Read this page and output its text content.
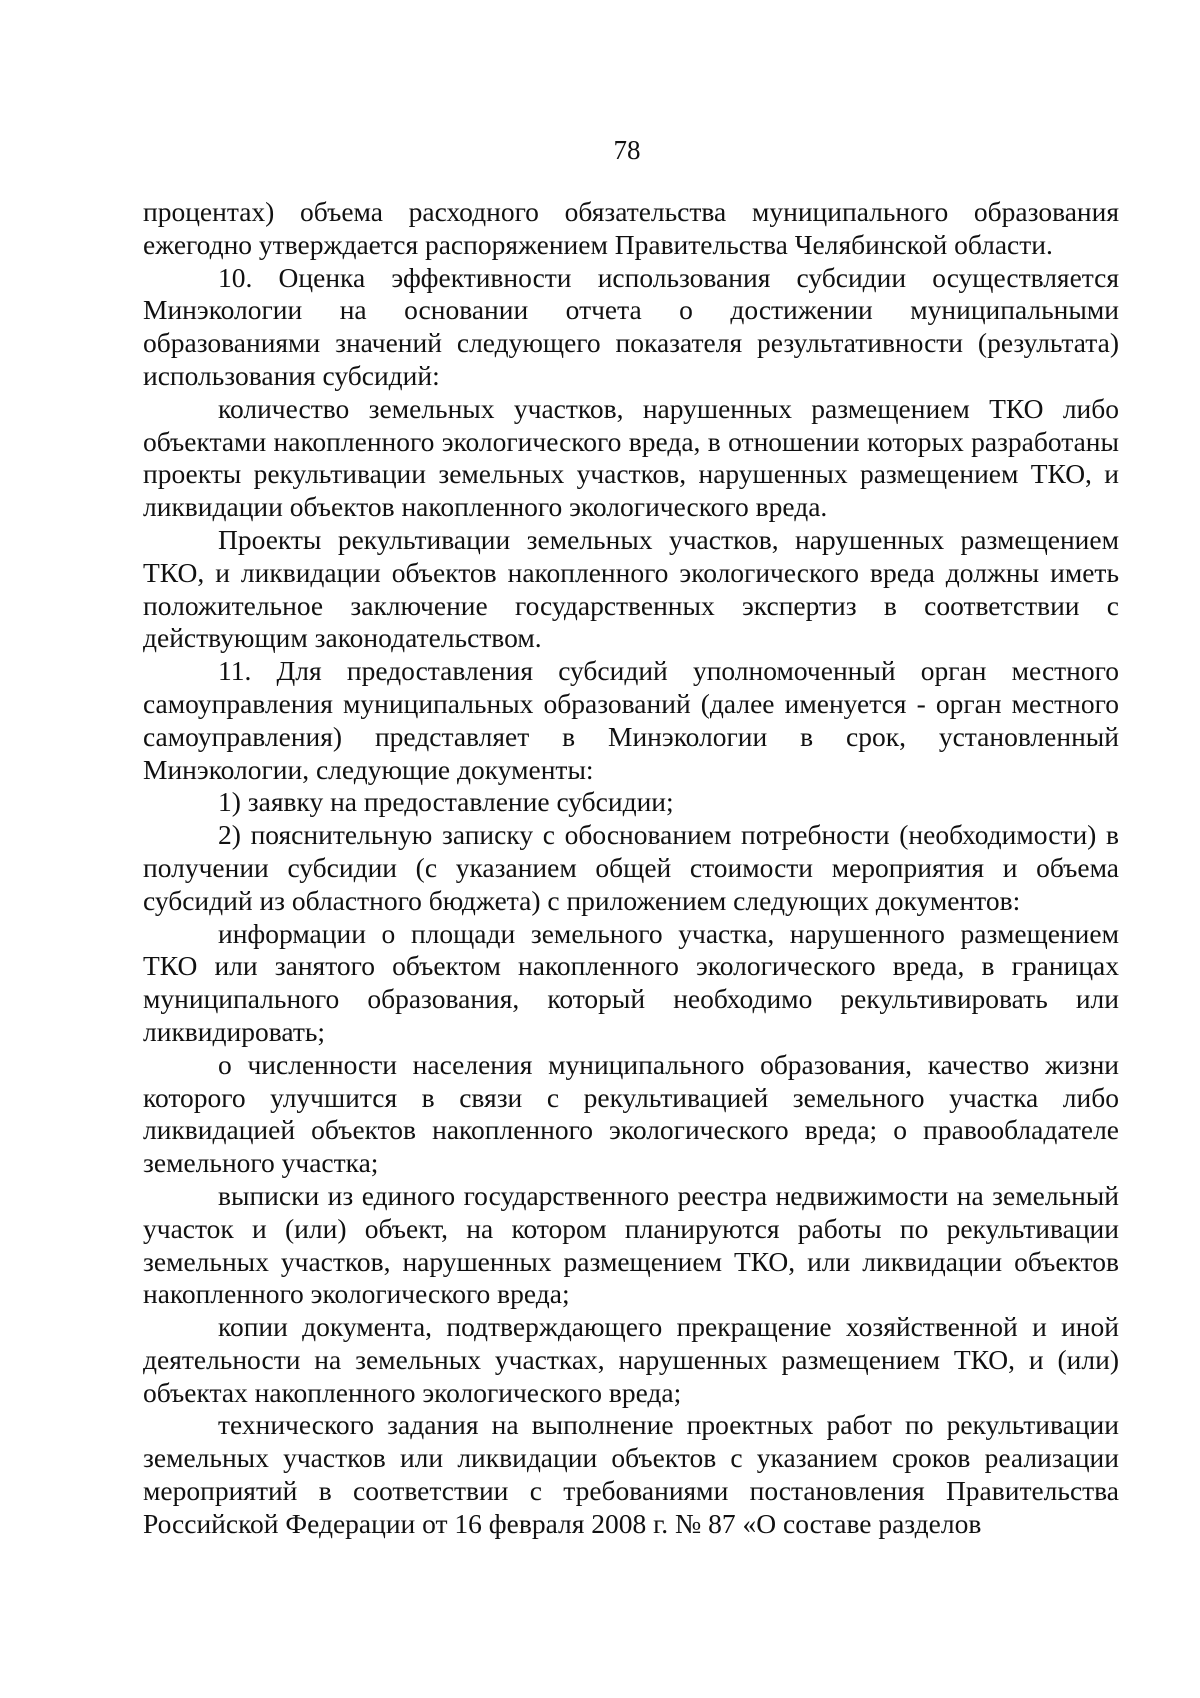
78

процентах) объема расходного обязательства муниципального образования ежегодно утверждается распоряжением Правительства Челябинской области.

10. Оценка эффективности использования субсидии осуществляется Минэкологии на основании отчета о достижении муниципальными образованиями значений следующего показателя результативности (результата) использования субсидий:

количество земельных участков, нарушенных размещением ТКО либо объектами накопленного экологического вреда, в отношении которых разработаны проекты рекультивации земельных участков, нарушенных размещением ТКО, и ликвидации объектов накопленного экологического вреда.

Проекты рекультивации земельных участков, нарушенных размещением ТКО, и ликвидации объектов накопленного экологического вреда должны иметь положительное заключение государственных экспертиз в соответствии с действующим законодательством.

11. Для предоставления субсидий уполномоченный орган местного самоуправления муниципальных образований (далее именуется - орган местного самоуправления) представляет в Минэкологии в срок, установленный Минэкологии, следующие документы:

1) заявку на предоставление субсидии;

2) пояснительную записку с обоснованием потребности (необходимости) в получении субсидии (с указанием общей стоимости мероприятия и объема субсидий из областного бюджета) с приложением следующих документов:

информации о площади земельного участка, нарушенного размещением ТКО или занятого объектом накопленного экологического вреда, в границах муниципального образования, который необходимо рекультивировать или ликвидировать;

о численности населения муниципального образования, качество жизни которого улучшится в связи с рекультивацией земельного участка либо ликвидацией объектов накопленного экологического вреда; о правообладателе земельного участка;

выписки из единого государственного реестра недвижимости на земельный участок и (или) объект, на котором планируются работы по рекультивации земельных участков, нарушенных размещением ТКО, или ликвидации объектов накопленного экологического вреда;

копии документа, подтверждающего прекращение хозяйственной и иной деятельности на земельных участках, нарушенных размещением ТКО, и (или) объектах накопленного экологического вреда;

технического задания на выполнение проектных работ по рекультивации земельных участков или ликвидации объектов с указанием сроков реализации мероприятий в соответствии с требованиями постановления Правительства Российской Федерации от 16 февраля 2008 г. № 87 «О составе разделов
